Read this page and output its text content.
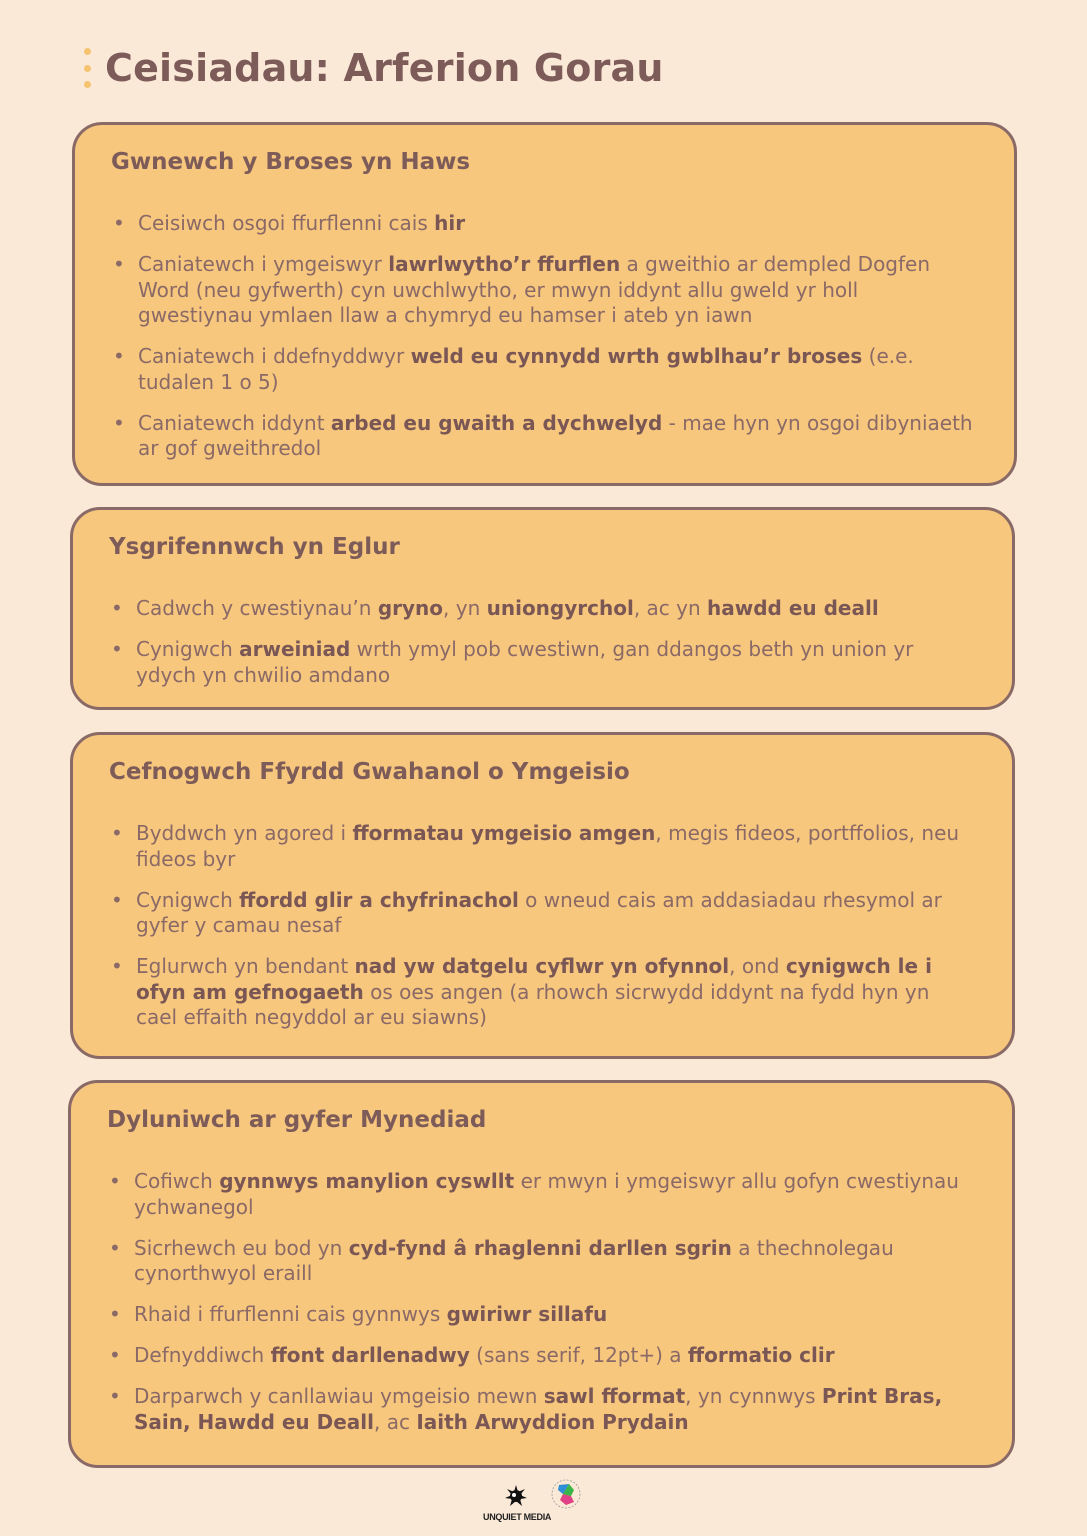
Ceisiadau: Arferion Gorau
Gwnewch y Broses yn Haws
• Ceisiwch osgoi ffurflenni cais hir
• Caniatewch i ymgeiswyr lawrlwytho’r ffurflen a gweithio ar dempled Dogfen Word (neu gyfwerth) cyn uwchlwytho, er mwyn iddynt allu gweld yr holl gwestiynau ymlaen llaw a chymryd eu hamser i ateb yn iawn
• Caniatewch i ddefnyddwyr weld eu cynnydd wrth gwblhau’r broses (e.e. tudalen 1 o 5)
• Caniatewch iddynt arbed eu gwaith a dychwelyd - mae hyn yn osgoi dibyniaeth ar gof gweithredol
Ysgrifennwch yn Eglur
• Cadwch y cwestiynau’n gryno, yn uniongyrchol, ac yn hawdd eu deall
• Cynigwch arweiniad wrth ymyl pob cwestiwn, gan ddangos beth yn union yr ydych yn chwilio amdano
Cefnogwch Ffyrdd Gwahanol o Ymgeisio
• Byddwch yn agored i fformatau ymgeisio amgen, megis fideos, portffolios, neu fideos byr
• Cynigwch ffordd glir a chyfrinachol o wneud cais am addasiadau rhesymol ar gyfer y camau nesaf
• Eglurwch yn bendant nad yw datgelu cyflwr yn ofynnol, ond cynigwch le i ofyn am gefnogaeth os oes angen (a rhowch sicrwydd iddynt na fydd hyn yn cael effaith negyddol ar eu siawns)
Dyluniwch ar gyfer Mynediad
• Cofiwch gynnwys manylion cyswllt er mwyn i ymgeiswyr allu gofyn cwestiynau ychwanegol
• Sicrhewch eu bod yn cyd-fynd â rhaglenni darllen sgrin a thechnolegau cynorthwyol eraill
• Rhaid i ffurflenni cais gynnwys gwiriwr sillafu
• Defnyddiwch ffont darllenadwy (sans serif, 12pt+) a fformatio clir
• Darparwch y canllawiau ymgeisio mewn sawl fformat, yn cynnwys Print Bras, Sain, Hawdd eu Deall, ac Iaith Arwyddion Prydain
UNQUIET MEDIA
